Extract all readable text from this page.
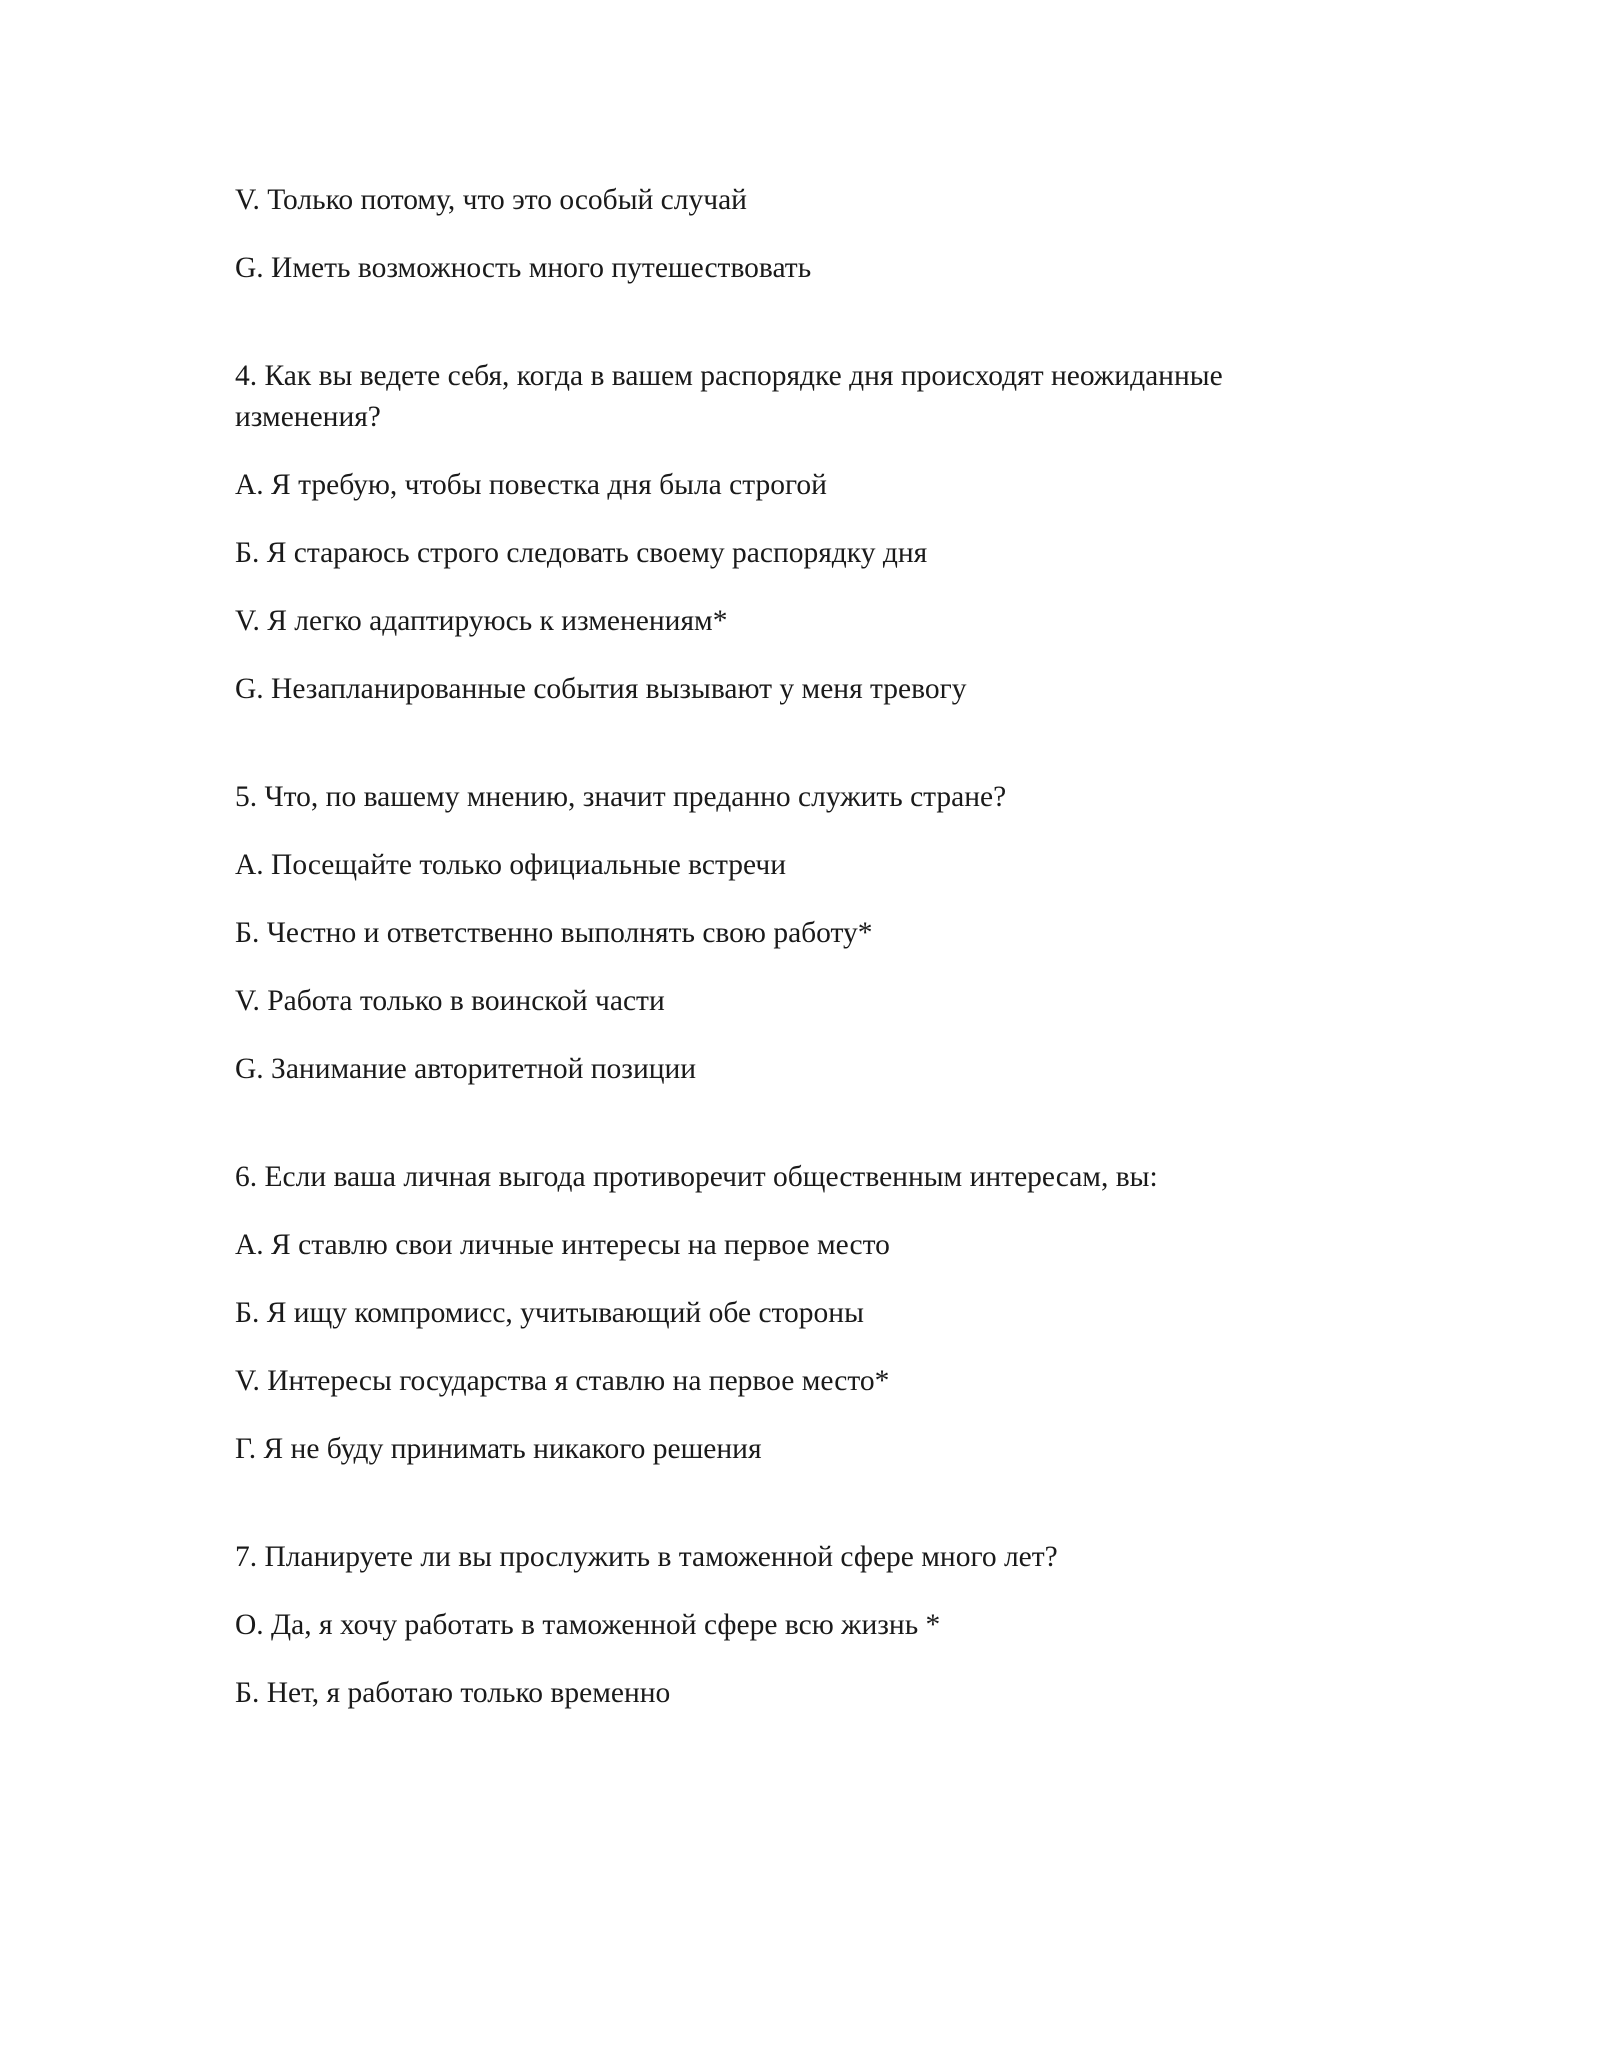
V. Только потому, что это особый случай

G. Иметь возможность много путешествовать

4. Как вы ведете себя, когда в вашем распорядке дня происходят неожиданные изменения?

А. Я требую, чтобы повестка дня была строгой

Б. Я стараюсь строго следовать своему распорядку дня

V. Я легко адаптируюсь к изменениям*

G. Незапланированные события вызывают у меня тревогу

5. Что, по вашему мнению, значит преданно служить стране?

А. Посещайте только официальные встречи

Б. Честно и ответственно выполнять свою работу*

V. Работа только в воинской части

G. Занимание авторитетной позиции

6. Если ваша личная выгода противоречит общественным интересам, вы:

А. Я ставлю свои личные интересы на первое место

Б. Я ищу компромисс, учитывающий обе стороны

V. Интересы государства я ставлю на первое место*

Г. Я не буду принимать никакого решения

7. Планируете ли вы прослужить в таможенной сфере много лет?

О. Да, я хочу работать в таможенной сфере всю жизнь *

Б. Нет, я работаю только временно
